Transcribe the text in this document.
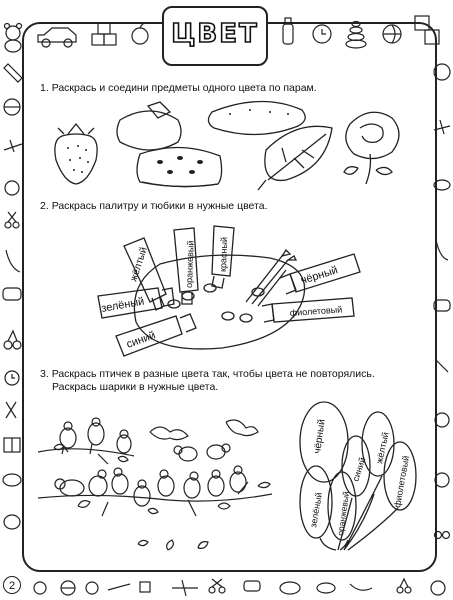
ЦВЕТ
1. Раскрась и соедини предметы одного цвета по парам.
2. Раскрась палитру и тюбики в нужные цвета.
жёлтый	оранжевый красный
зелёный
синий
фиолетовый
чёрный
3. Раскрась птичек в разные цвета так, чтобы цвета не повторялись.
Раскрась шарики в нужные цвета.
чёрный	жёлтый
синий
зелёный оранжевый
фиолетовый
2
